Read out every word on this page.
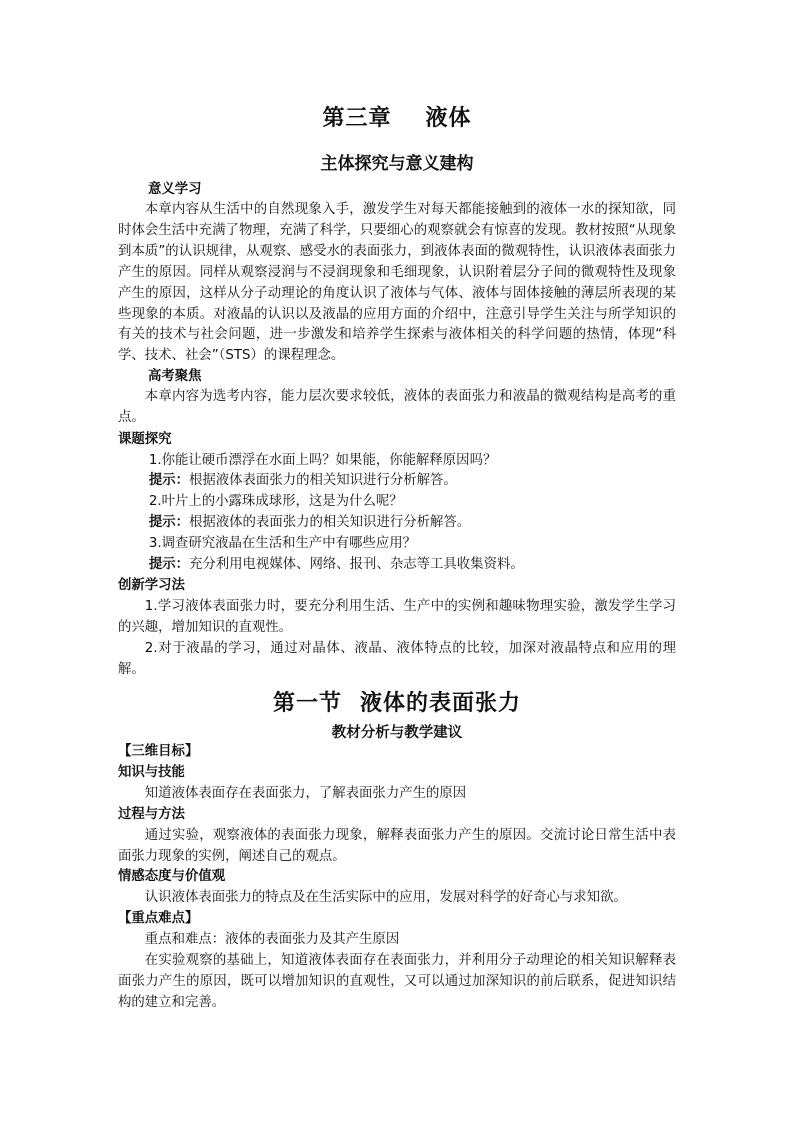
第三章 液体
主体探究与意义建构
意义学习
本章内容从生活中的自然现象入手，激发学生对每天都能接触到的液体一水的探知欲，同时体会生活中充满了物理，充满了科学，只要细心的观察就会有惊喜的发现。教材按照“从现象到本质”的认识规律，从观察、感受水的表面张力，到液体表面的微观特性，认识液体表面张力产生的原因。同样从观察浸润与不浸润现象和毛细现象，认识附着层分子间的微观特性及现象产生的原因，这样从分子动理论的角度认识了液体与气体、液体与固体接触的薄层所表现的某些现象的本质。对液晶的认识以及液晶的应用方面的介绍中，注意引导学生关注与所学知识的有关的技术与社会问题，进一步激发和培养学生探索与液体相关的科学问题的热情，体现“科学、技术、社会”（STS）的课程理念。
高考聚焦
本章内容为选考内容，能力层次要求较低，液体的表面张力和液晶的微观结构是高考的重点。
课题探究
1.你能让硬币漂浮在水面上吗？如果能，你能解释原因吗？
提示：根据液体表面张力的相关知识进行分析解答。
2.叶片上的小露珠成球形，这是为什么呢？
提示：根据液体的表面张力的相关知识进行分析解答。
3.调查研究液晶在生活和生产中有哪些应用？
提示：充分利用电视媒体、网络、报刊、杂志等工具收集资料。
创新学习法
1.学习液体表面张力时，要充分利用生活、生产中的实例和趣味物理实验，激发学生学习的兴趣，增加知识的直观性。
2.对于液晶的学习，通过对晶体、液晶、液体特点的比较，加深对液晶特点和应用的理解。
第一节 液体的表面张力
教材分析与教学建议
【三维目标】
知识与技能
知道液体表面存在表面张力，了解表面张力产生的原因
过程与方法
通过实验，观察液体的表面张力现象，解释表面张力产生的原因。交流讨论日常生活中表面张力现象的实例，阐述自己的观点。
情感态度与价值观
认识液体表面张力的特点及在生活实际中的应用，发展对科学的好奇心与求知欲。
【重点难点】
重点和难点：液体的表面张力及其产生原因
在实验观察的基础上，知道液体表面存在表面张力，并利用分子动理论的相关知识解释表面张力产生的原因，既可以增加知识的直观性，又可以通过加深知识的前后联系，促进知识结构的建立和完善。
